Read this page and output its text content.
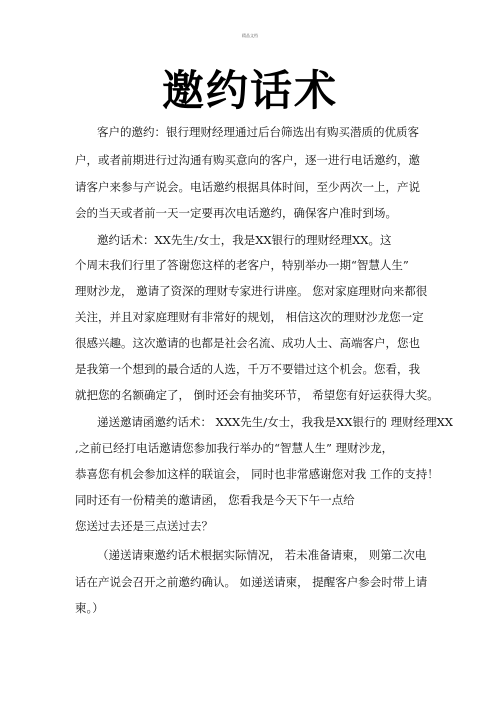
精品文档
邀约话术
客户的邀约：银行理财经理通过后台筛选出有购买潜质的优质客
户，或者前期进行过沟通有购买意向的客户，逐一进行电话邀约，邀
请客户来参与产说会。电话邀约根据具体时间，至少两次一上，产说
会的当天或者前一天一定要再次电话邀约，确保客户准时到场。
邀约话术：XX先生/女士，我是XX银行的理财经理XX。这
个周末我们行里了答谢您这样的老客户，特别举办一期“智慧人生”
理财沙龙， 邀请了资深的理财专家进行讲座。 您对家庭理财向来都很
关注，并且对家庭理财有非常好的规划， 相信这次的理财沙龙您一定
很感兴趣。这次邀请的也都是社会名流、成功人士、高端客户，您也
是我第一个想到的最合适的人选，千万不要错过这个机会。您看，我
就把您的名额确定了， 倒时还会有抽奖环节， 希望您有好运获得大奖。
递送邀请函邀约话术： XXX先生/女士，我我是XX银行的 理财经理XX
,之前已经打电话邀请您参加我行举办的“智慧人生” 理财沙龙，
恭喜您有机会参加这样的联谊会， 同时也非常感谢您对我 工作的支持！
同时还有一份精美的邀请函， 您看我是今天下午一点给
您送过去还是三点送过去？
（递送请柬邀约话术根据实际情况， 若未准备请柬， 则第二次电
话在产说会召开之前邀约确认。 如递送请柬， 提醒客户参会时带上请
柬。）
